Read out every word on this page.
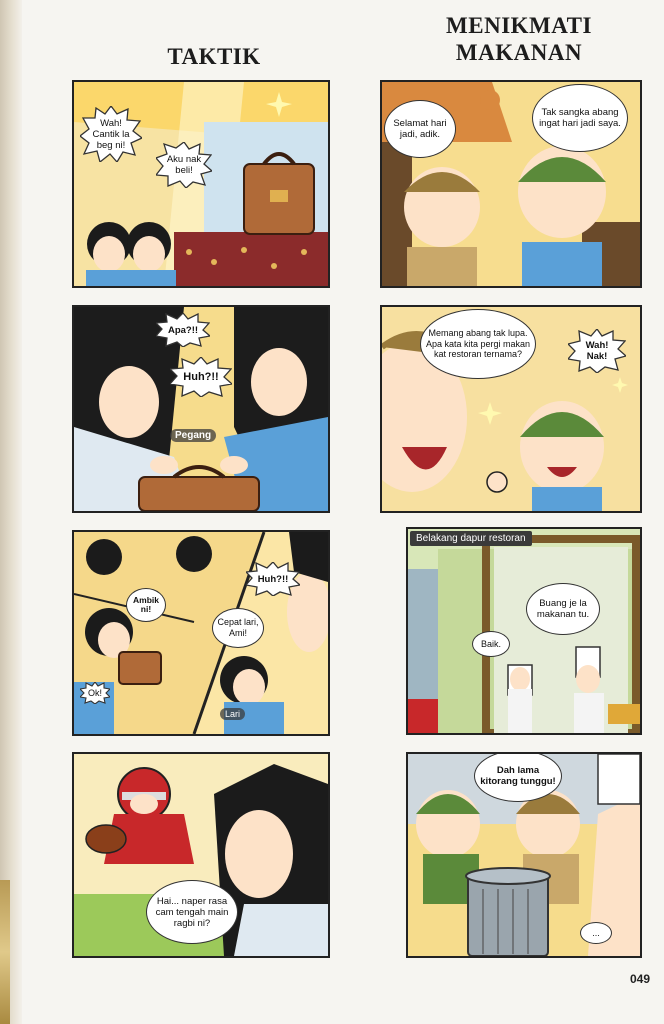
TAKTIK
MENIKMATI
MAKANAN
Wah! Cantik la beg ni!
Aku nak beli!
Apa?!!
Huh?!!
Pegang
Ambik ni!
Huh?!!
Cepat lari, Ami!
Ok!
Lari
Hai... naper rasa cam tengah main ragbi ni?
Selamat hari jadi, adik.
Tak sangka abang ingat hari jadi saya.
Memang abang tak lupa. Apa kata kita pergi makan kat restoran ternama?
Wah! Nak!
Belakang dapur restoran
Buang je la makanan tu.
Baik.
Dah lama kitorang tunggu!
...
049
